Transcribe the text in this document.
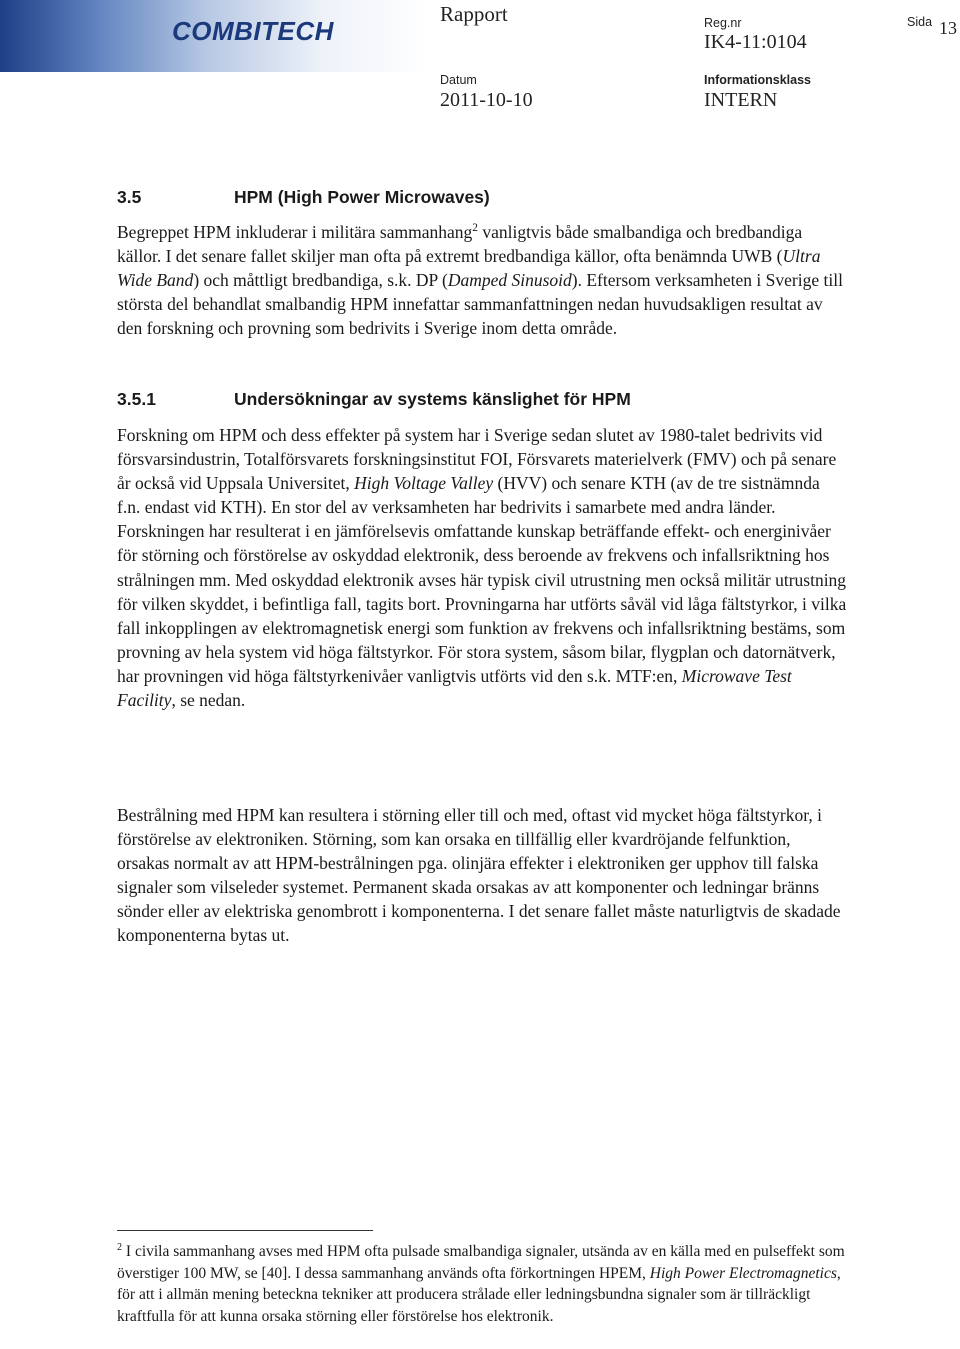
COMBITECH
Rapport	Reg.nr
IK4-11:0104
Sida 13
Datum
2011-10-10
Informationsklass
INTERN
3.5	HPM (High Power Microwaves)

Begreppet HPM inkluderar i militära sammanhang$^2$ vanligtvis både smalbandiga och bredbandiga källor. I det senare fallet skiljer man ofta på extremt bredbandiga källor, ofta benämnda UWB (Ultra Wide Band) och måttligt bredbandiga, s.k. DP (Damped Sinusoid). Eftersom verksamheten i Sverige till största del behandlat smalbandig HPM innefattar sammanfattningen nedan huvudsakligen resultat av den forskning och provning som bedrivits i Sverige inom detta område.

3.5.1	Undersökningar av systems känslighet för HPM

Forskning om HPM och dess effekter på system har i Sverige sedan slutet av 1980-talet bedrivits vid försvarsindustrin, Totalförsvarets forskningsinstitut FOI, Försvarets materielverk (FMV) och på senare år också vid Uppsala Universitet, High Voltage Valley (HVV) och senare KTH (av de tre sistnämnda f.n. endast vid KTH). En stor del av verksamheten har bedrivits i samarbete med andra länder. Forskningen har resulterat i en jämförelsevis omfattande kunskap beträffande effekt- och energinivåer för störning och förstörelse av oskyddad elektronik, dess beroende av frekvens och infallsriktning hos strålningen mm. Med oskyddad elektronik avses här typisk civil utrustning men också militär utrustning för vilken skyddet, i befintliga fall, tagits bort. Provningarna har utförts såväl vid låga fältstyrkor, i vilka fall inkopplingen av elektromagnetisk energi som funktion av frekvens och infallsriktning bestäms, som provning av hela system vid höga fältstyrkor. För stora system, såsom bilar, flygplan och datornätverk, har provningen vid höga fältstyrkenivåer vanligtvis utförts vid den s.k. MTF:en, Microwave Test Facility, se nedan.

Bestrålning med HPM kan resultera i störning eller till och med, oftast vid mycket höga fältstyrkor, i förstörelse av elektroniken. Störning, som kan orsaka en tillfällig eller kvardröjande felfunktion, orsakas normalt av att HPM-bestrålningen pga. olinjära effekter i elektroniken ger upphov till falska signaler som vilseleder systemet. Permanent skada orsakas av att komponenter och ledningar bränns sönder eller av elektriska genombrott i komponenterna. I det senare fallet måste naturligtvis de skadade komponenterna bytas ut.

$^2$ I civila sammanhang avses med HPM ofta pulsade smalbandiga signaler, utsända av en källa med en pulseffekt som överstiger 100 MW, se [40]. I dessa sammanhang används ofta förkortningen HPEM, High Power Electromagnetics, för att i allmän mening beteckna tekniker att producera strålade eller ledningsbundna signaler som är tillräckligt kraftfulla för att kunna orsaka störning eller förstörelse hos elektronik.
